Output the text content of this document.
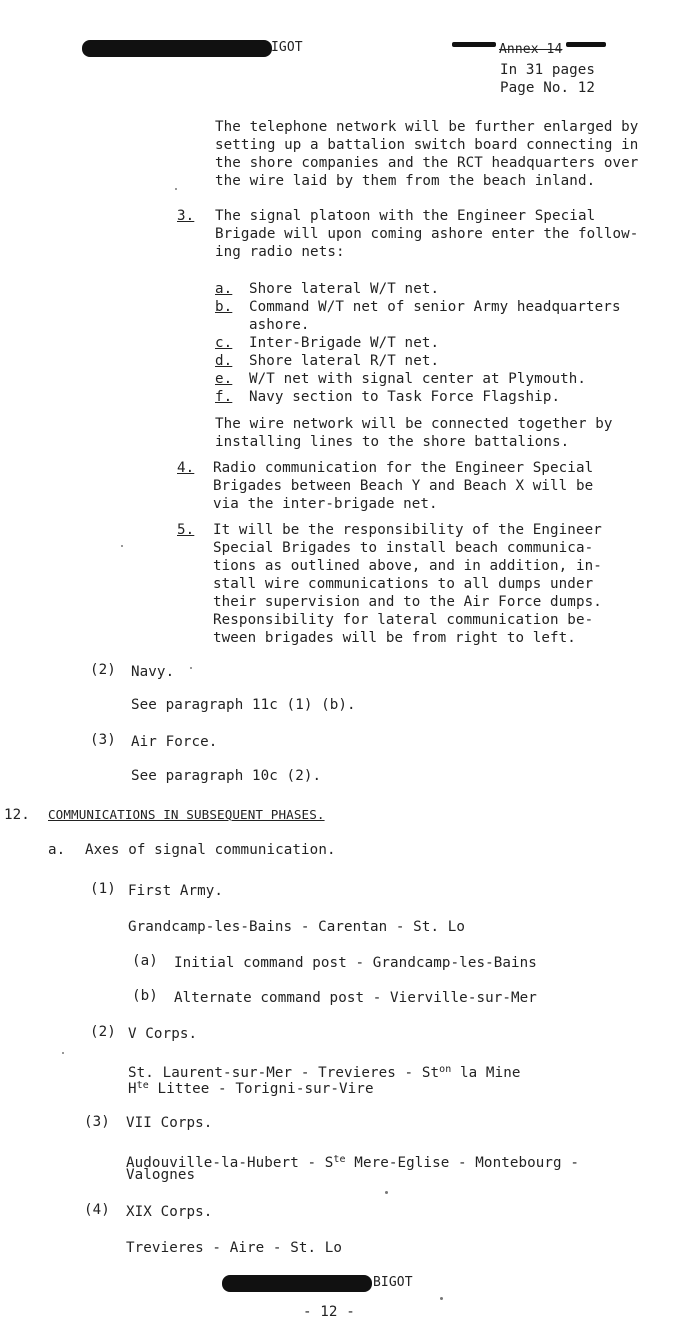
IGOT	Annex 14
In 31 pages
Page No. 12
The telephone network will be further enlarged by
setting up a battalion switch board connecting in
the shore companies and the RCT headquarters over
the wire laid by them from the beach inland.
3. The signal platoon with the Engineer Special
Brigade will upon coming ashore enter the follow-
ing radio nets:
a. Shore lateral W/T net.
b. Command W/T net of senior Army headquarters
ashore.
c. Inter-Brigade W/T net.
d. Shore lateral R/T net.
e. W/T net with signal center at Plymouth.
f. Navy section to Task Force Flagship.
The wire network will be connected together by
installing lines to the shore battalions.
4. Radio communication for the Engineer Special
Brigades between Beach Y and Beach X will be
via the inter-brigade net.
5. It will be the responsibility of the Engineer
Special Brigades to install beach communica-
tions as outlined above, and in addition, in-
stall wire communications to all dumps under
their supervision and to the Air Force dumps.
Responsibility for lateral communication be-
tween brigades will be from right to left.
(2) Navy.
See paragraph 11c (1) (b).
(3) Air Force.
See paragraph 10c (2).
12. COMMUNICATIONS IN SUBSEQUENT PHASES.
a. Axes of signal communication.
(1) First Army.
Grandcamp-les-Bains - Carentan - St. Lo
(a) Initial command post - Grandcamp-les-Bains
(b) Alternate command post - Vierville-sur-Mer
(2) V Corps.
St. Laurent-sur-Mer - Trevieres - $St^{on}$ la Mine
$H^{te}$ Littee - Torigni-sur-Vire
(3) VII Corps.
Audouville-la-Hubert - $S^{te}$ Mere-Eglise - Montebourg -
Valognes
(4) XIX Corps.
Trevieres - Aire - St. Lo
BIGOT
- 12 -
